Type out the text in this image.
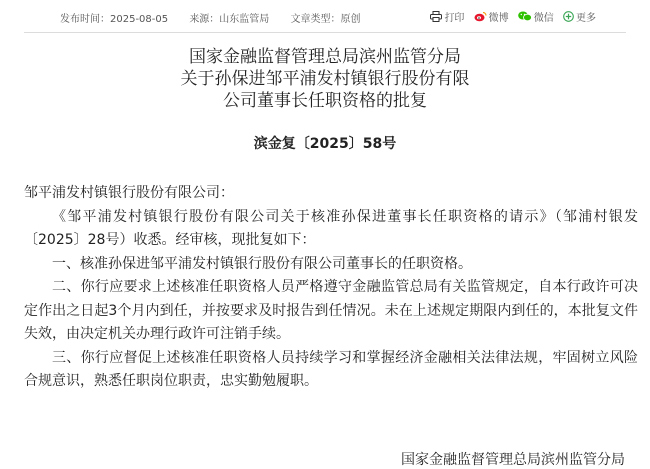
发布时间：2025-08-05 来源：山东监管局 文章类型：原创	打印
微博
	微信
更多
国家金融监督管理总局滨州监管分局
关于孙保进邹平浦发村镇银行股份有限
公司董事长任职资格的批复
滨金复〔2025〕58号

邹平浦发村镇银行股份有限公司：

《邹平浦发村镇银行股份有限公司关于核准孙保进董事长任职资格的请示》（邹浦村银发〔2025〕28号）收悉。经审核，现批复如下：

一、核准孙保进邹平浦发村镇银行股份有限公司董事长的任职资格。

二、你行应要求上述核准任职资格人员严格遵守金融监管总局有关监管规定，自本行政许可决定作出之日起3个月内到任，并按要求及时报告到任情况。未在上述规定期限内到任的，本批复文件失效，由决定机关办理行政许可注销手续。

三、你行应督促上述核准任职资格人员持续学习和掌握经济金融相关法律法规，牢固树立风险合规意识，熟悉任职岗位职责，忠实勤勉履职。

国家金融监督管理总局滨州监管分局
